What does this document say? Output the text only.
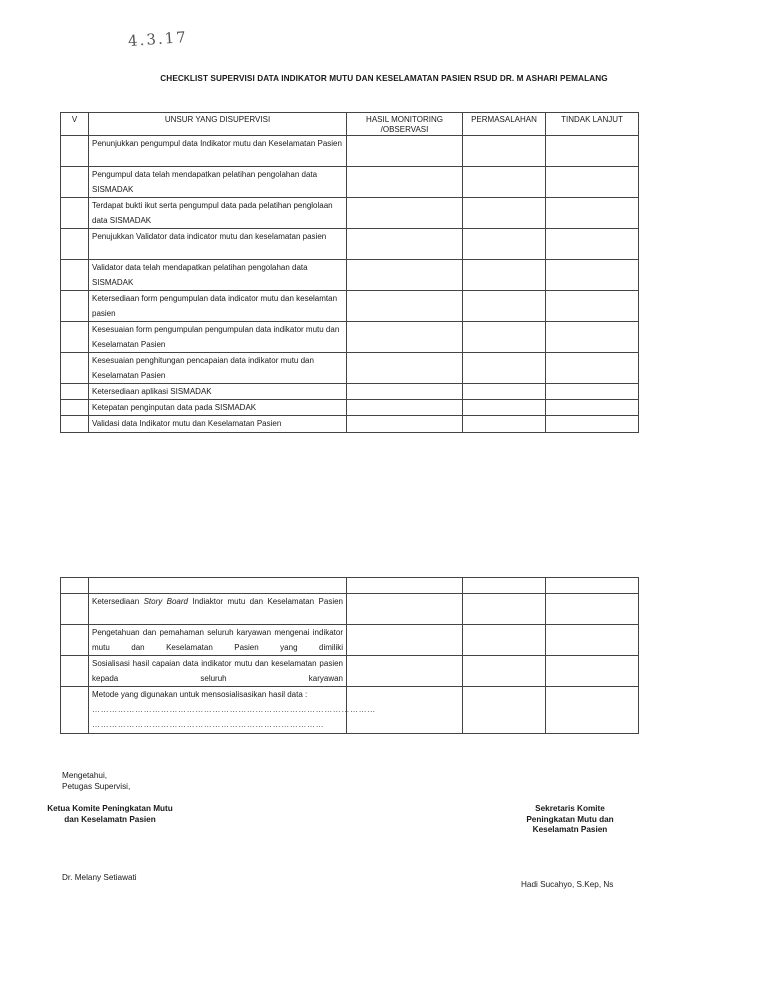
4.3.17
CHECKLIST SUPERVISI DATA INDIKATOR MUTU DAN KESELAMATAN PASIEN RSUD DR. M ASHARI PEMALANG
V	UNSUR YANG DISUPERVISI	HASIL MONITORING /OBSERVASI	PERMASALAHAN	TINDAK LANJUT
	Penunjukkan pengumpul data Indikator mutu dan Keselamatan Pasien			
	Pengumpul data telah mendapatkan pelatihan pengolahan data SISMADAK			
	Terdapat bukti ikut serta pengumpul data pada pelatihan penglolaan data SISMADAK			
	Penujukkan Validator data indicator mutu dan keselamatan pasien			
	Validator data telah mendapatkan pelatihan pengolahan data SISMADAK			
	Ketersediaan form pengumpulan data indicator mutu dan keselamtan pasien			
	Kesesuaian form pengumpulan pengumpulan data indikator mutu dan Keselamatan Pasien			
	Kesesuaian penghitungan pencapaian data indikator mutu dan Keselamatan Pasien			
	Ketersediaan aplikasi SISMADAK			
	Ketepatan penginputan data pada SISMADAK			
	Validasi data Indikator mutu dan Keselamatan Pasien			

	Ketersediaan Story Board Indiaktor mutu dan Keselamatan Pasien			
	Pengetahuan dan pemahaman seluruh karyawan mengenai indikator mutu dan Keselamatan Pasien yang dimiliki			
	Sosialisasi hasil capaian data indikator mutu dan keselamatan pasien kepada seluruh karyawan			
	Metode yang digunakan untuk mensosialisasikan hasil data :
………………………………………………………………………………………
………………………………………………………………………			

Mengetahui,
Petugas Supervisi,
Ketua Komite Peningkatan Mutu
dan Keselamatn Pasien
Dr. Melany Setiawati
Sekretaris Komite
Peningkatan Mutu dan
Keselamatn Pasien
Hadi Sucahyo, S.Kep, Ns
